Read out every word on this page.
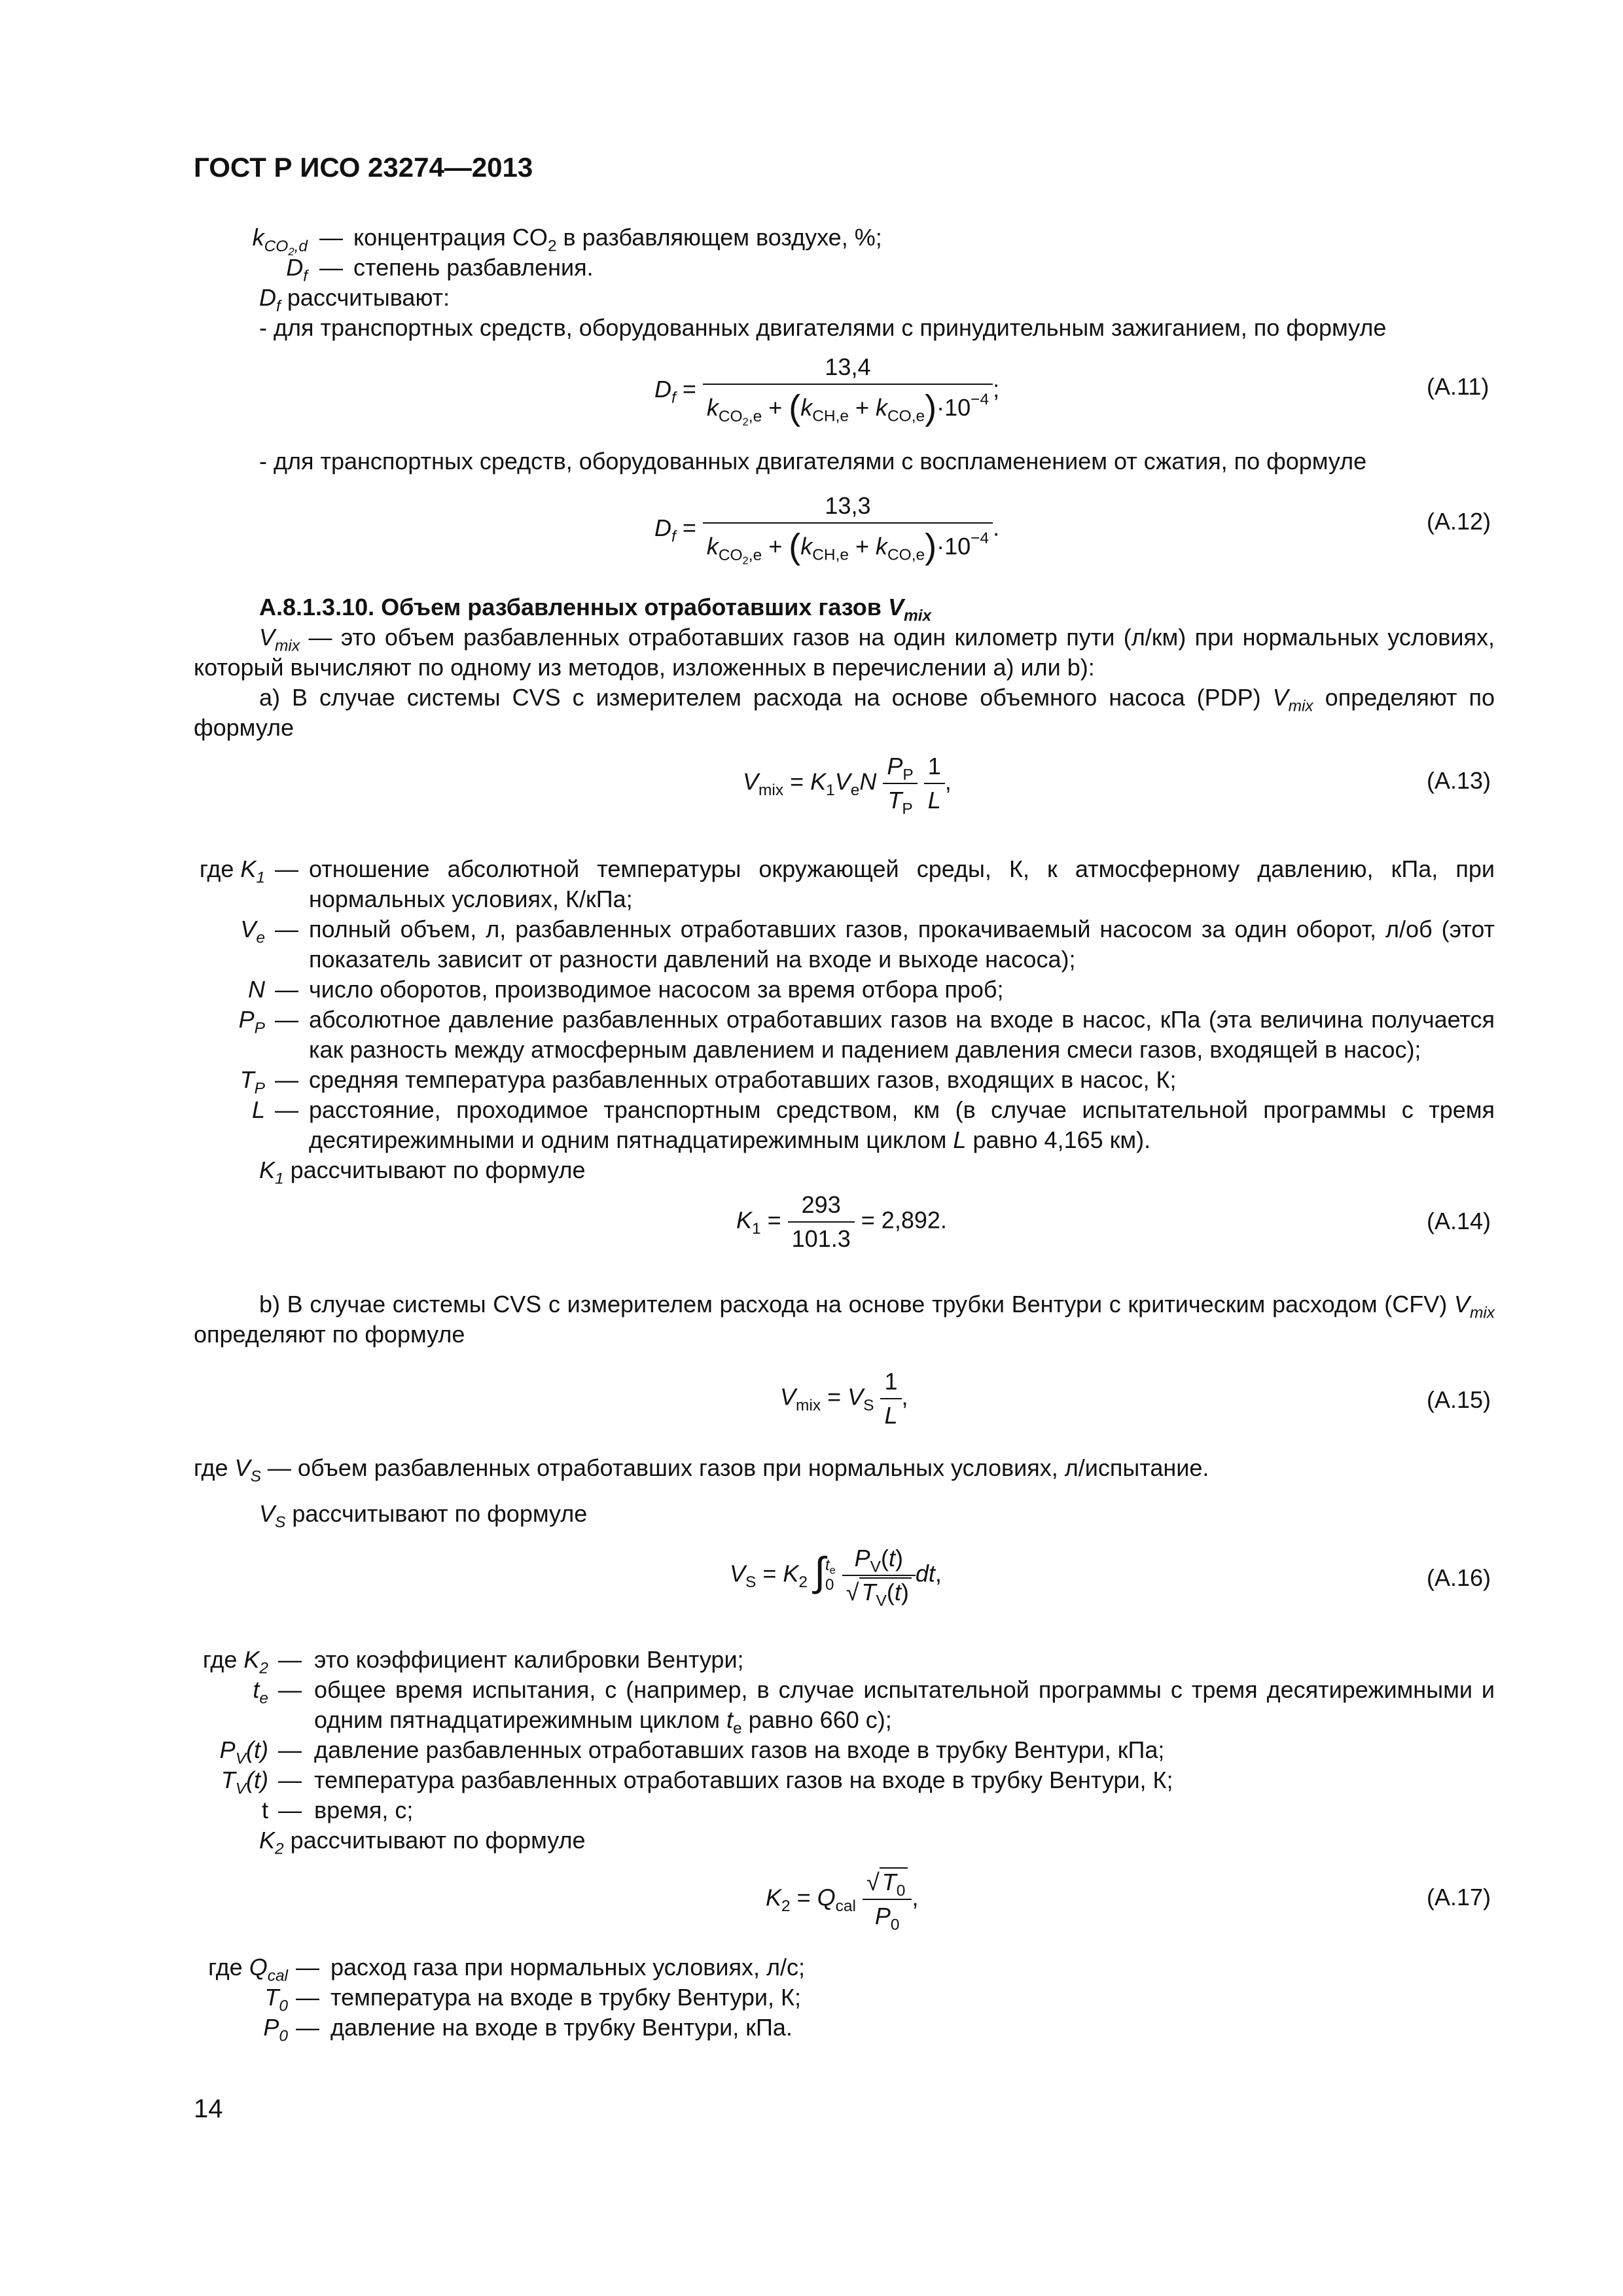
ГОСТ Р ИСО 23274—2013
$k_{CO_2,d}$ — концентрация $CO_2$ в разбавляющем воздухе, %;
$D_f$ — степень разбавления.
$D_f$ рассчитывают:
- для транспортных средств, оборудованных двигателями с принудительным зажиганием, по формуле
$D_f = \frac{13,4}{k_{CO_2,e} + (k_{CH,e} + k_{CO,e})\cdot 10^{-4}}$ ;	(А.11)
- для транспортных средств, оборудованных двигателями с воспламенением от сжатия, по формуле
$D_f = \frac{13,3}{k_{CO_2,e} + (k_{CH,e} + k_{CO,e})\cdot 10^{-4}}$ .	(А.12)
А.8.1.3.10. Объем разбавленных отработавших газов $V_{mix}$
$V_{mix}$ — это объем разбавленных отработавших газов на один километр пути (л/км) при нормальных условиях, который вычисляют по одному из методов, изложенных в перечислении а) или b):
а) В случае системы CVS с измерителем расхода на основе объемного насоса (PDP) $V_{mix}$ определяют по формуле
$V_{mix} = K_1V_eN \frac{P_P}{T_P}$
$\frac{1}{L}$ ,	(А.13)
где $K_1$ — отношение абсолютной температуры окружающей среды, К, к атмосферному давлению, кПа, при нормальных условиях, К/кПа;
$V_e$ — полный объем, л, разбавленных отработавших газов, прокачиваемый насосом за один оборот, л/об (этот показатель зависит от разности давлений на входе и выходе насоса);
N — число оборотов, производимое насосом за время отбора проб;
$P_P$ — абсолютное давление разбавленных отработавших газов на входе в насос, кПа (эта величина получается как разность между атмосферным давлением и падением давления смеси газов, входящей в насос);
$T_P$ — средняя температура разбавленных отработавших газов, входящих в насос, К;
L — расстояние, проходимое транспортным средством, км (в случае испытательной программы с тремя десятирежимными и одним пятнадцатирежимным циклом L равно 4,165 км).
$K_1$ рассчитывают по формуле
$K_1 = \frac{293}{101.3} = 2,892$.	(А.14)
b) В случае системы CVS с измерителем расхода на основе трубки Вентури с критическим расходом (CFV) $V_{mix}$ определяют по формуле
$V_{mix} = V_S \frac{1}{L}$ ,	(А.15)
где $V_S$ — объем разбавленных отработавших газов при нормальных условиях, л/испытание.
$V_S$ рассчитывают по формуле
$V_S = K_2$ $\int t_e$
$0 \frac{P_V(t)}{√ T_V(t)}$ dt,	(А.16)
где $K_2$ — это коэффициент калибровки Вентури;
$t_e$ — общее время испытания, с (например, в случае испытательной программы с тремя десятирежимными и одним пятнадцатирежимным циклом $t_e$ равно 660 с);
$P_V(t)$ — давление разбавленных отработавших газов на входе в трубку Вентури, кПа;
$T_V(t)$ — температура разбавленных отработавших газов на входе в трубку Вентури, К;
t — время, с;
$K_2$ рассчитывают по формуле
$K_2 = Q_{cal} \frac{√ T_0}{P_0}$ ,	(А.17)
где $Q_{cal}$ — расход газа при нормальных условиях, л/с;
$T_0$ — температура на входе в трубку Вентури, К;
$P_0$ — давление на входе в трубку Вентури, кПа.
14
